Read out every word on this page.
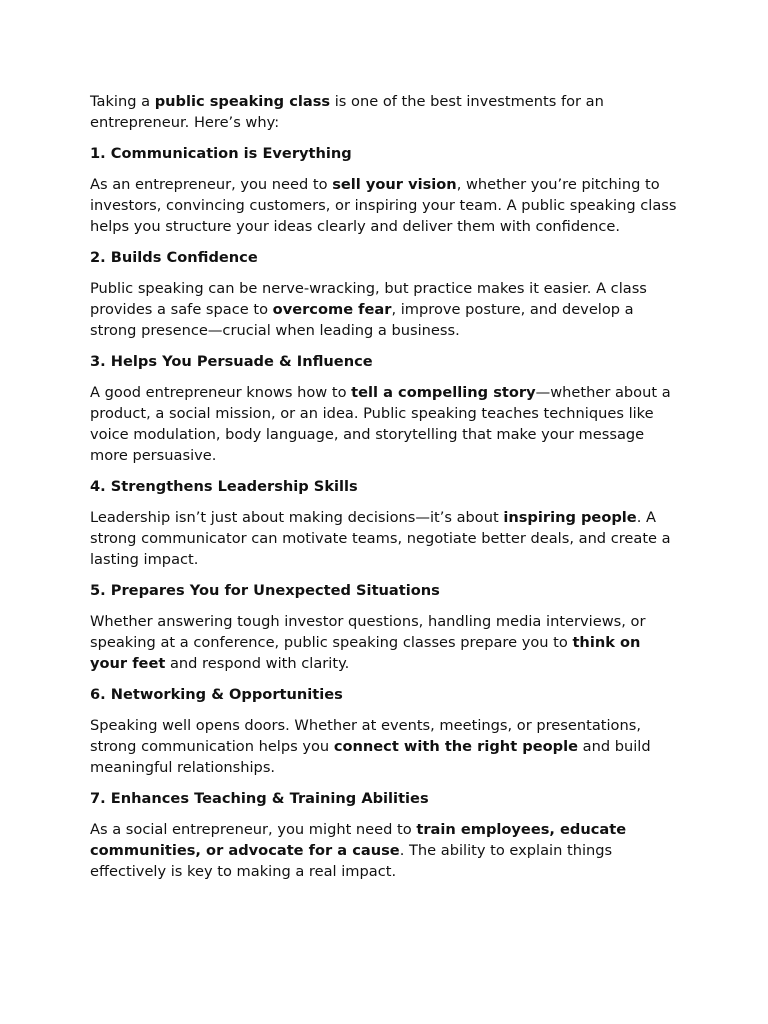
Taking a public speaking class is one of the best investments for an entrepreneur. Here’s why:

1. Communication is Everything

As an entrepreneur, you need to sell your vision, whether you’re pitching to investors, convincing customers, or inspiring your team. A public speaking class helps you structure your ideas clearly and deliver them with confidence.

2. Builds Confidence

Public speaking can be nerve-wracking, but practice makes it easier. A class provides a safe space to overcome fear, improve posture, and develop a strong presence—crucial when leading a business.

3. Helps You Persuade & Influence

A good entrepreneur knows how to tell a compelling story—whether about a product, a social mission, or an idea. Public speaking teaches techniques like voice modulation, body language, and storytelling that make your message more persuasive.

4. Strengthens Leadership Skills

Leadership isn’t just about making decisions—it’s about inspiring people. A strong communicator can motivate teams, negotiate better deals, and create a lasting impact.

5. Prepares You for Unexpected Situations

Whether answering tough investor questions, handling media interviews, or speaking at a conference, public speaking classes prepare you to think on your feet and respond with clarity.

6. Networking & Opportunities

Speaking well opens doors. Whether at events, meetings, or presentations, strong communication helps you connect with the right people and build meaningful relationships.

7. Enhances Teaching & Training Abilities

As a social entrepreneur, you might need to train employees, educate communities, or advocate for a cause. The ability to explain things effectively is key to making a real impact.
